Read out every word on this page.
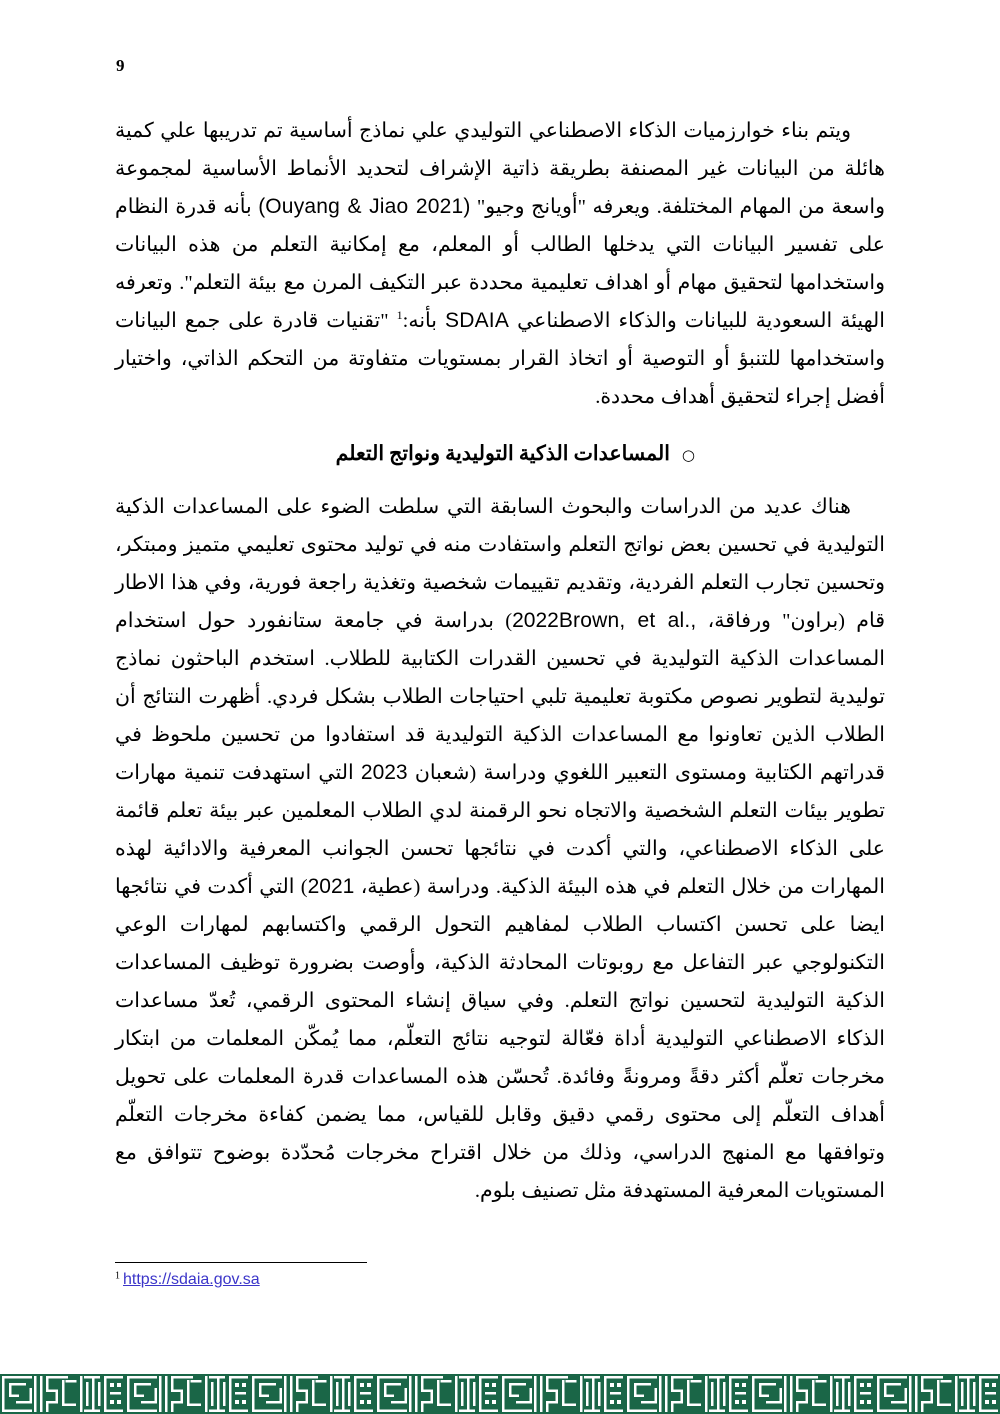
9

ويتم بناء خوارزميات الذكاء الاصطناعي التوليدي علي نماذج أساسية تم تدريبها علي كمية هائلة من البيانات غير المصنفة بطريقة ذاتية الإشراف لتحديد الأنماط الأساسية لمجموعة واسعة من المهام المختلفة. ويعرفه "أويانج وجيو" (Ouyang & Jiao 2021) بأنه قدرة النظام على تفسير البيانات التي يدخلها الطالب أو المعلم، مع إمكانية التعلم من هذه البيانات واستخدامها لتحقيق مهام أو اهداف تعليمية محددة عبر التكيف المرن مع بيئة التعلم". وتعرفه الهيئة السعودية للبيانات والذكاء الاصطناعي SDAIA بأنه:$^1$ "تقنيات قادرة على جمع البيانات واستخدامها للتنبؤ أو التوصية أو اتخاذ القرار بمستويات متفاوتة من التحكم الذاتي، واختيار أفضل إجراء لتحقيق أهداف محددة.

○
المساعدات الذكية التوليدية ونواتج التعلم

هناك عديد من الدراسات والبحوث السابقة التي سلطت الضوء على المساعدات الذكية التوليدية في تحسين بعض نواتج التعلم واستفادت منه في توليد محتوى تعليمي متميز ومبتكر، وتحسين تجارب التعلم الفردية، وتقديم تقييمات شخصية وتغذية راجعة فورية، وفي هذا الاطار قام (براون" ورفاقة، 2022Brown, et al.,) بدراسة في جامعة ستانفورد حول استخدام المساعدات الذكية التوليدية في تحسين القدرات الكتابية للطلاب. استخدم الباحثون نماذج توليدية لتطوير نصوص مكتوبة تعليمية تلبي احتياجات الطلاب بشكل فردي. أظهرت النتائج أن الطلاب الذين تعاونوا مع المساعدات الذكية التوليدية قد استفادوا من تحسين ملحوظ في قدراتهم الكتابية ومستوى التعبير اللغوي ودراسة (شعبان 2023 التي استهدفت تنمية مهارات تطوير بيئات التعلم الشخصية والاتجاه نحو الرقمنة لدي الطلاب المعلمين عبر بيئة تعلم قائمة على الذكاء الاصطناعي، والتي أكدت في نتائجها تحسن الجوانب المعرفية والادائية لهذه المهارات من خلال التعلم في هذه البيئة الذكية. ودراسة (عطية، 2021) التي أكدت في نتائجها ايضا على تحسن اكتساب الطلاب لمفاهيم التحول الرقمي واكتسابهم لمهارات الوعي التكنولوجي عبر التفاعل مع روبوتات المحادثة الذكية، وأوصت بضرورة توظيف المساعدات الذكية التوليدية لتحسين نواتج التعلم. وفي سياق إنشاء المحتوى الرقمي، تُعدّ مساعدات الذكاء الاصطناعي التوليدية أداة فعّالة لتوجيه نتائج التعلّم، مما يُمكّن المعلمات من ابتكار مخرجات تعلّم أكثر دقةً ومرونةً وفائدة. تُحسّن هذه المساعدات قدرة المعلمات على تحويل أهداف التعلّم إلى محتوى رقمي دقيق وقابل للقياس، مما يضمن كفاءة مخرجات التعلّم وتوافقها مع المنهج الدراسي، وذلك من خلال اقتراح مخرجات مُحدّدة بوضوح تتوافق مع المستويات المعرفية المستهدفة مثل تصنيف بلوم.

$^1$ https://sdaia.gov.sa
